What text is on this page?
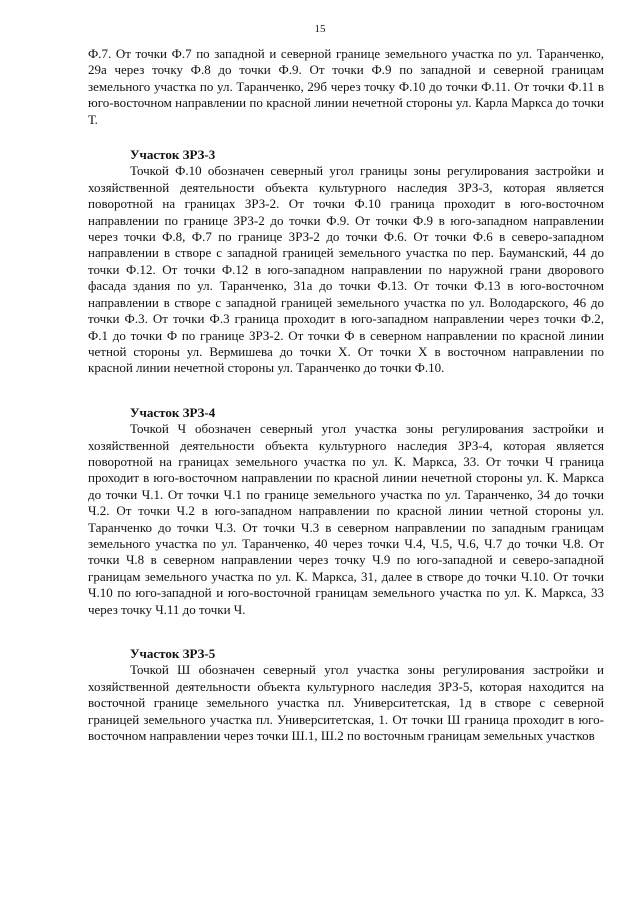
15

Ф.7. От точки Ф.7 по западной и северной границе земельного участка по ул. Таранченко, 29а через точку Ф.8 до точки Ф.9. От точки Ф.9 по западной и северной границам земельного участка по ул. Таранченко, 29б через точку Ф.10 до точки Ф.11. От точки Ф.11 в юго-восточном направлении по красной линии нечетной стороны ул. Карла Маркса до точки Т.

Участок ЗРЗ-3

Точкой Ф.10 обозначен северный угол границы зоны регулирования застройки и хозяйственной деятельности объекта культурного наследия ЗРЗ-3, которая является поворотной на границах ЗРЗ-2. От точки Ф.10 граница проходит в юго-восточном направлении по границе ЗРЗ-2 до точки Ф.9. От точки Ф.9 в юго-западном направлении через точки Ф.8, Ф.7 по границе ЗРЗ-2 до точки Ф.6. От точки Ф.6 в северо-западном направлении в створе с западной границей земельного участка по пер. Бауманский, 44 до точки Ф.12. От точки Ф.12 в юго-западном направлении по наружной грани дворового фасада здания по ул. Таранченко, 31а до точки Ф.13. От точки Ф.13 в юго-восточном направлении в створе с западной границей земельного участка по ул. Володарского, 46 до точки Ф.3. От точки Ф.3 граница проходит в юго-западном направлении через точки Ф.2, Ф.1 до точки Ф по границе ЗРЗ-2. От точки Ф в северном направлении по красной линии четной стороны ул. Вермишева до точки Х. От точки Х в восточном направлении по красной линии нечетной стороны ул. Таранченко до точки Ф.10.

Участок ЗРЗ-4

Точкой Ч обозначен северный угол участка зоны регулирования застройки и хозяйственной деятельности объекта культурного наследия ЗРЗ-4, которая является поворотной на границах земельного участка по ул. К. Маркса, 33. От точки Ч граница проходит в юго-восточном направлении по красной линии нечетной стороны ул. К. Маркса до точки Ч.1. От точки Ч.1 по границе земельного участка по ул. Таранченко, 34 до точки Ч.2. От точки Ч.2 в юго-западном направлении по красной линии четной стороны ул. Таранченко до точки Ч.3. От точки Ч.3 в северном направлении по западным границам земельного участка по ул. Таранченко, 40 через точки Ч.4, Ч.5, Ч.6, Ч.7 до точки Ч.8. От точки Ч.8 в северном направлении через точку Ч.9 по юго-западной и северо-западной границам земельного участка по ул. К. Маркса, 31, далее в створе до точки Ч.10. От точки Ч.10 по юго-западной и юго-восточной границам земельного участка по ул. К. Маркса, 33 через точку Ч.11 до точки Ч.

Участок ЗРЗ-5

Точкой Ш обозначен северный угол участка зоны регулирования застройки и хозяйственной деятельности объекта культурного наследия ЗРЗ-5, которая находится на восточной границе земельного участка пл. Университетская, 1д в створе с северной границей земельного участка пл. Университетская, 1. От точки Ш граница проходит в юго-восточном направлении через точки Ш.1, Ш.2 по восточным границам земельных участков
